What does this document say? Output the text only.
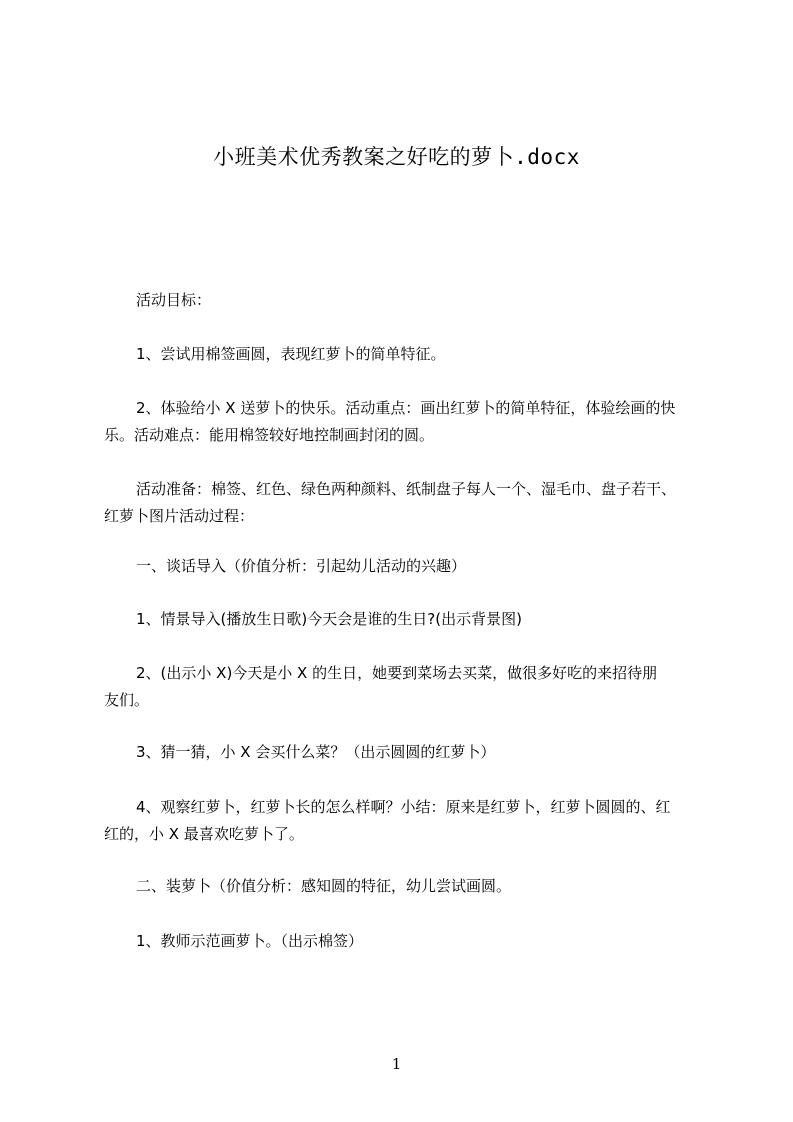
小班美术优秀教案之好吃的萝卜.docx
活动目标：
1、尝试用棉签画圆，表现红萝卜的简单特征。
2、体验给小 X 送萝卜的快乐。活动重点：画出红萝卜的简单特征，体验绘画的快
乐。活动难点：能用棉签较好地控制画封闭的圆。
活动准备：棉签、红色、绿色两种颜料、纸制盘子每人一个、湿毛巾、盘子若干、
红萝卜图片活动过程：
一、谈话导入（价值分析：引起幼儿活动的兴趣）
1、情景导入(播放生日歌)今天会是谁的生日?(出示背景图)
2、(出示小 X)今天是小 X 的生日，她要到菜场去买菜，做很多好吃的来招待朋
友们。
3、猜一猜，小 X 会买什么菜？（出示圆圆的红萝卜）
4、观察红萝卜，红萝卜长的怎么样啊？小结：原来是红萝卜，红萝卜圆圆的、红
红的，小 X 最喜欢吃萝卜了。
二、装萝卜（价值分析：感知圆的特征，幼儿尝试画圆。
1、教师示范画萝卜。（出示棉签）
1
